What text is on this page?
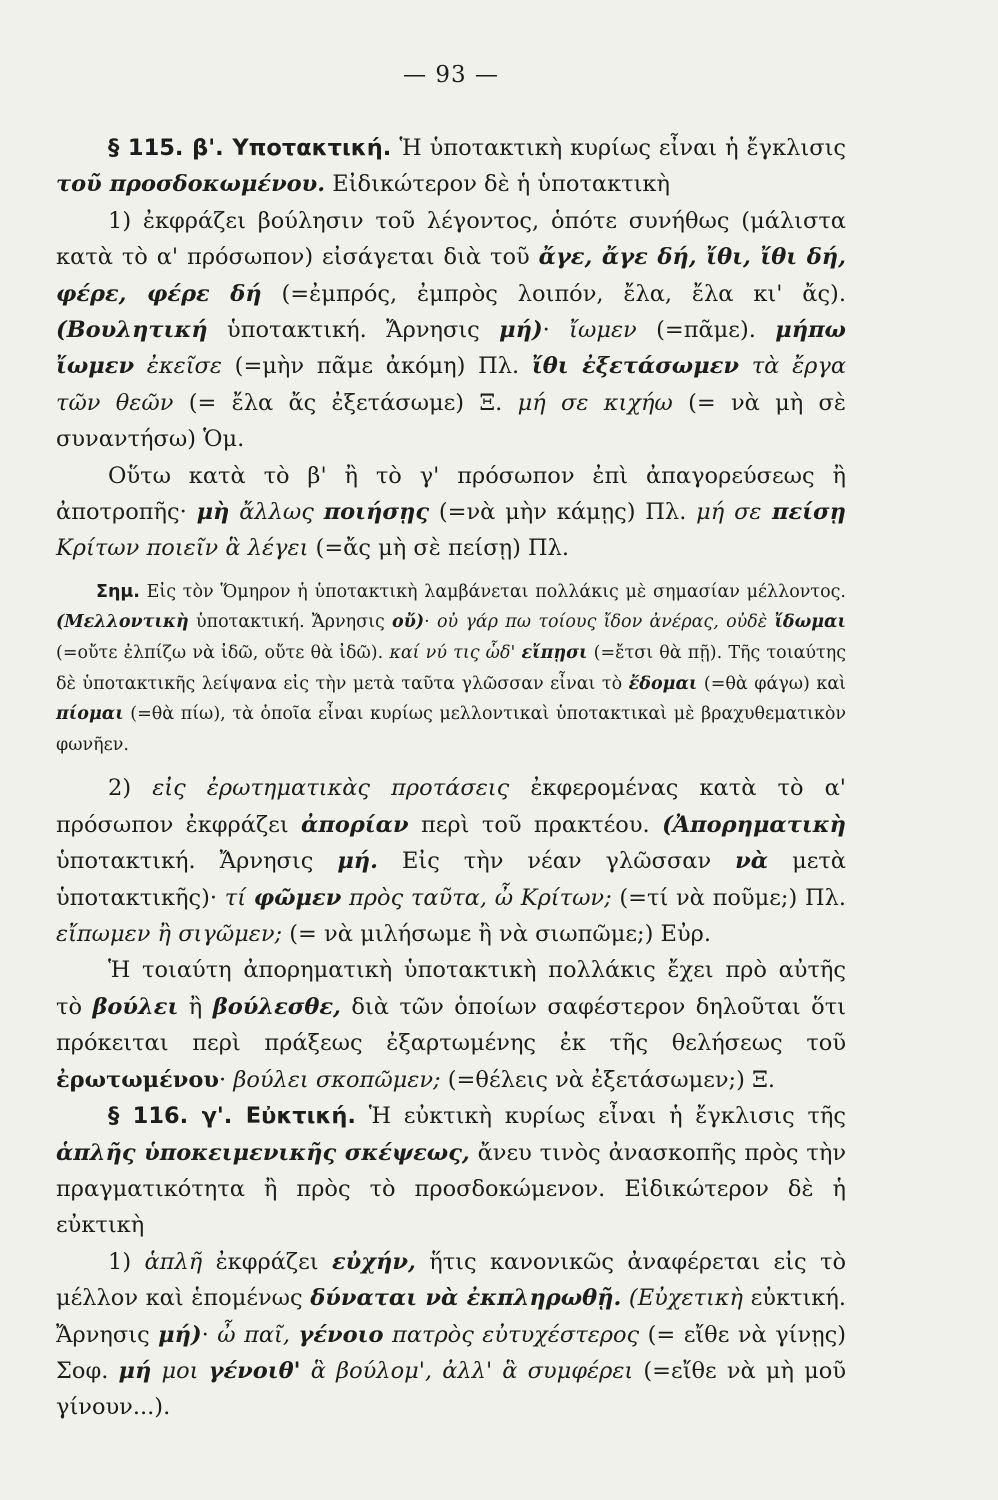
— 93 —

§ 115. β'. Υποτακτική. Ἡ ὑποτακτικὴ κυρίως εἶναι ἡ ἔγκλισις τοῦ προσδοκωμένου. Εἰδικώτερον δὲ ἡ ὑποτακτικὴ

1) ἐκφράζει βούλησιν τοῦ λέγοντος, ὁπότε συνήθως (μάλιστα κατὰ τὸ α' πρόσωπον) εἰσάγεται διὰ τοῦ ἄγε, ἄγε δή, ἴθι, ἴθι δή, φέρε, φέρε δή (=ἐμπρός, ἐμπρὸς λοιπόν, ἔλα, ἔλα κι' ἄς). (Βουλητική ὑποτακτική. Ἄρνησις μή)· ἴωμεν (=πᾶμε). μήπω ἴωμεν ἐκεῖσε (=μὴν πᾶμε ἀκόμη) Πλ. ἴθι ἐξετάσωμεν τὰ ἔργα τῶν θεῶν (= ἔλα ἄς ἐξετάσωμε) Ξ. μή σε κιχήω (= νὰ μὴ σὲ συναντήσω) Ὁμ.

Οὕτω κατὰ τὸ β' ἢ τὸ γ' πρόσωπον ἐπὶ ἀπαγορεύσεως ἢ ἀποτροπῆς· μὴ ἄλλως ποιήσῃς (=νὰ μὴν κάμῃς) Πλ. μή σε πείσῃ Κρίτων ποιεῖν ἃ λέγει (=ἄς μὴ σὲ πείσῃ) Πλ.

Σημ. Εἰς τὸν Ὅμηρον ἡ ὑποτακτικὴ λαμβάνεται πολλάκις μὲ σημασίαν μέλλοντος. (Μελλοντικὴ ὑποτακτική. Ἄρνησις οὔ)· οὐ γάρ πω τοίους ἴδον ἀνέρας, οὐδὲ ἴδωμαι (=οὔτε ἐλπίζω νὰ ἰδῶ, οὔτε θὰ ἰδῶ). καί νύ τις ὧδ' εἴπῃσι (=ἔτσι θὰ πῇ). Τῆς τοιαύτης δὲ ὑποτακτικῆς λείψανα εἰς τὴν μετὰ ταῦτα γλῶσσαν εἶναι τὸ ἔδομαι (=θὰ φάγω) καὶ πίομαι (=θὰ πίω), τὰ ὁποῖα εἶναι κυρίως μελλοντικαὶ ὑποτακτικαὶ μὲ βραχυθεματικὸν φωνῆεν.

2) εἰς ἐρωτηματικὰς προτάσεις ἐκφερομένας κατὰ τὸ α' πρόσωπον ἐκφράζει ἀπορίαν περὶ τοῦ πρακτέου. (Ἀπορηματικὴ ὑποτακτική. Ἄρνησις μή. Εἰς τὴν νέαν γλῶσσαν νὰ μετὰ ὑποτακτικῆς)· τί φῶμεν πρὸς ταῦτα, ὦ Κρίτων; (=τί νὰ ποῦμε;) Πλ. εἴπωμεν ἢ σιγῶμεν; (= νὰ μιλήσωμε ἢ νὰ σιωπῶμε;) Εὐρ.

Ἡ τοιαύτη ἀπορηματικὴ ὑποτακτικὴ πολλάκις ἔχει πρὸ αὐτῆς τὸ βούλει ἢ βούλεσθε, διὰ τῶν ὁποίων σαφέστερον δηλοῦται ὅτι πρόκειται περὶ πράξεως ἐξαρτωμένης ἐκ τῆς θελήσεως τοῦ ἐρωτωμένου· βούλει σκοπῶμεν; (=θέλεις νὰ ἐξετάσωμεν;) Ξ.

§ 116. γ'. Εὐκτική. Ἡ εὐκτικὴ κυρίως εἶναι ἡ ἔγκλισις τῆς ἁπλῆς ὑποκειμενικῆς σκέψεως, ἄνευ τινὸς ἀνασκοπῆς πρὸς τὴν πραγματικότητα ἢ πρὸς τὸ προσδοκώμενον. Εἰδικώτερον δὲ ἡ εὐκτικὴ

1) ἁπλῆ ἐκφράζει εὐχήν, ἥτις κανονικῶς ἀναφέρεται εἰς τὸ μέλλον καὶ ἑπομένως δύναται νὰ ἐκπληρωθῇ. (Εὐχετικὴ εὐκτική. Ἄρνησις μή)· ὦ παῖ, γένοιο πατρὸς εὐτυχέστερος (= εἴθε νὰ γίνῃς) Σοφ. μή μοι γένοιθ' ἃ βούλομ', ἀλλ' ἃ συμφέρει (=εἴθε νὰ μὴ μοῦ γίνουν...).
